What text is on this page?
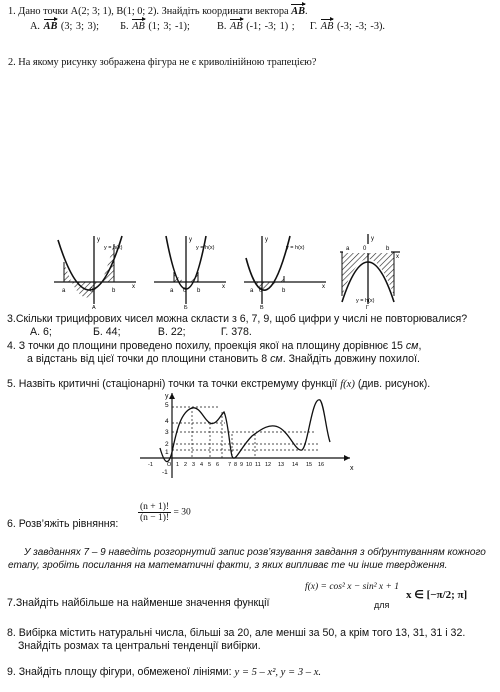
1. Дано точки А(2; 3; 1), В(1; 0; 2). Знайдіть координати вектора AB.
А. AB (3; 3; 3); Б. AB (1; 3; -1);	В. AB (-1; -3; 1) ; Г. AB (-3; -3; -3).
2. На якому рисунку зображена фігура не є криволінійною трапецією?
y
y = h(x)
x
a	0	b
А
y
y = h(x)
x
a 0 b
Б
y
y = h(x)
x
a 0	b
В
a 0	b
y
x
y = h(x)
Г
3.Скільки трицифрових чисел можна скласти з 6, 7, 9, щоб цифри у числі не повторювалися?
А. 6;	Б. 44;	В. 22;	Г. 378.
4. З точки до площини проведено похилу, проекція якої на площину дорівнює 15 см,
а відстань від цієї точки до площини становить 8 см. Знайдіть довжину похилої.
5. Назвіть критичні (стаціонарні) точки та точки екстремуму функції f(x) (див. рисунок).
y
x
5
4
3
2
1
-1
-1	O 1 2 3 4 5 6 7 8 9 10 11 12 13 14 15 16
6. Розв’яжіть рівняння:
$\frac{(n + 1)!}{(n - 1)!} = 30$
У завданнях 7 – 9 наведіть розгорнутий запис розв’язування завдання з обґрунтуванням кожного етапу, зробіть посилання на математичні факти, з яких випливає те чи інше твердження.
f(x) = cos² x − sin² x + 1
7.Знайдіть найбільше на найменше значення функції	для
x ∈ [−π/2; π]
8. Вибірка містить натуральні числа, більші за 20, але менші за 50, а крім того 13, 31, 31 і 32.
Знайдіть розмах та центральні тенденції вибірки.
9. Знайдіть площу фігури, обмеженої лініями: y = 5 – x², y = 3 – x.
